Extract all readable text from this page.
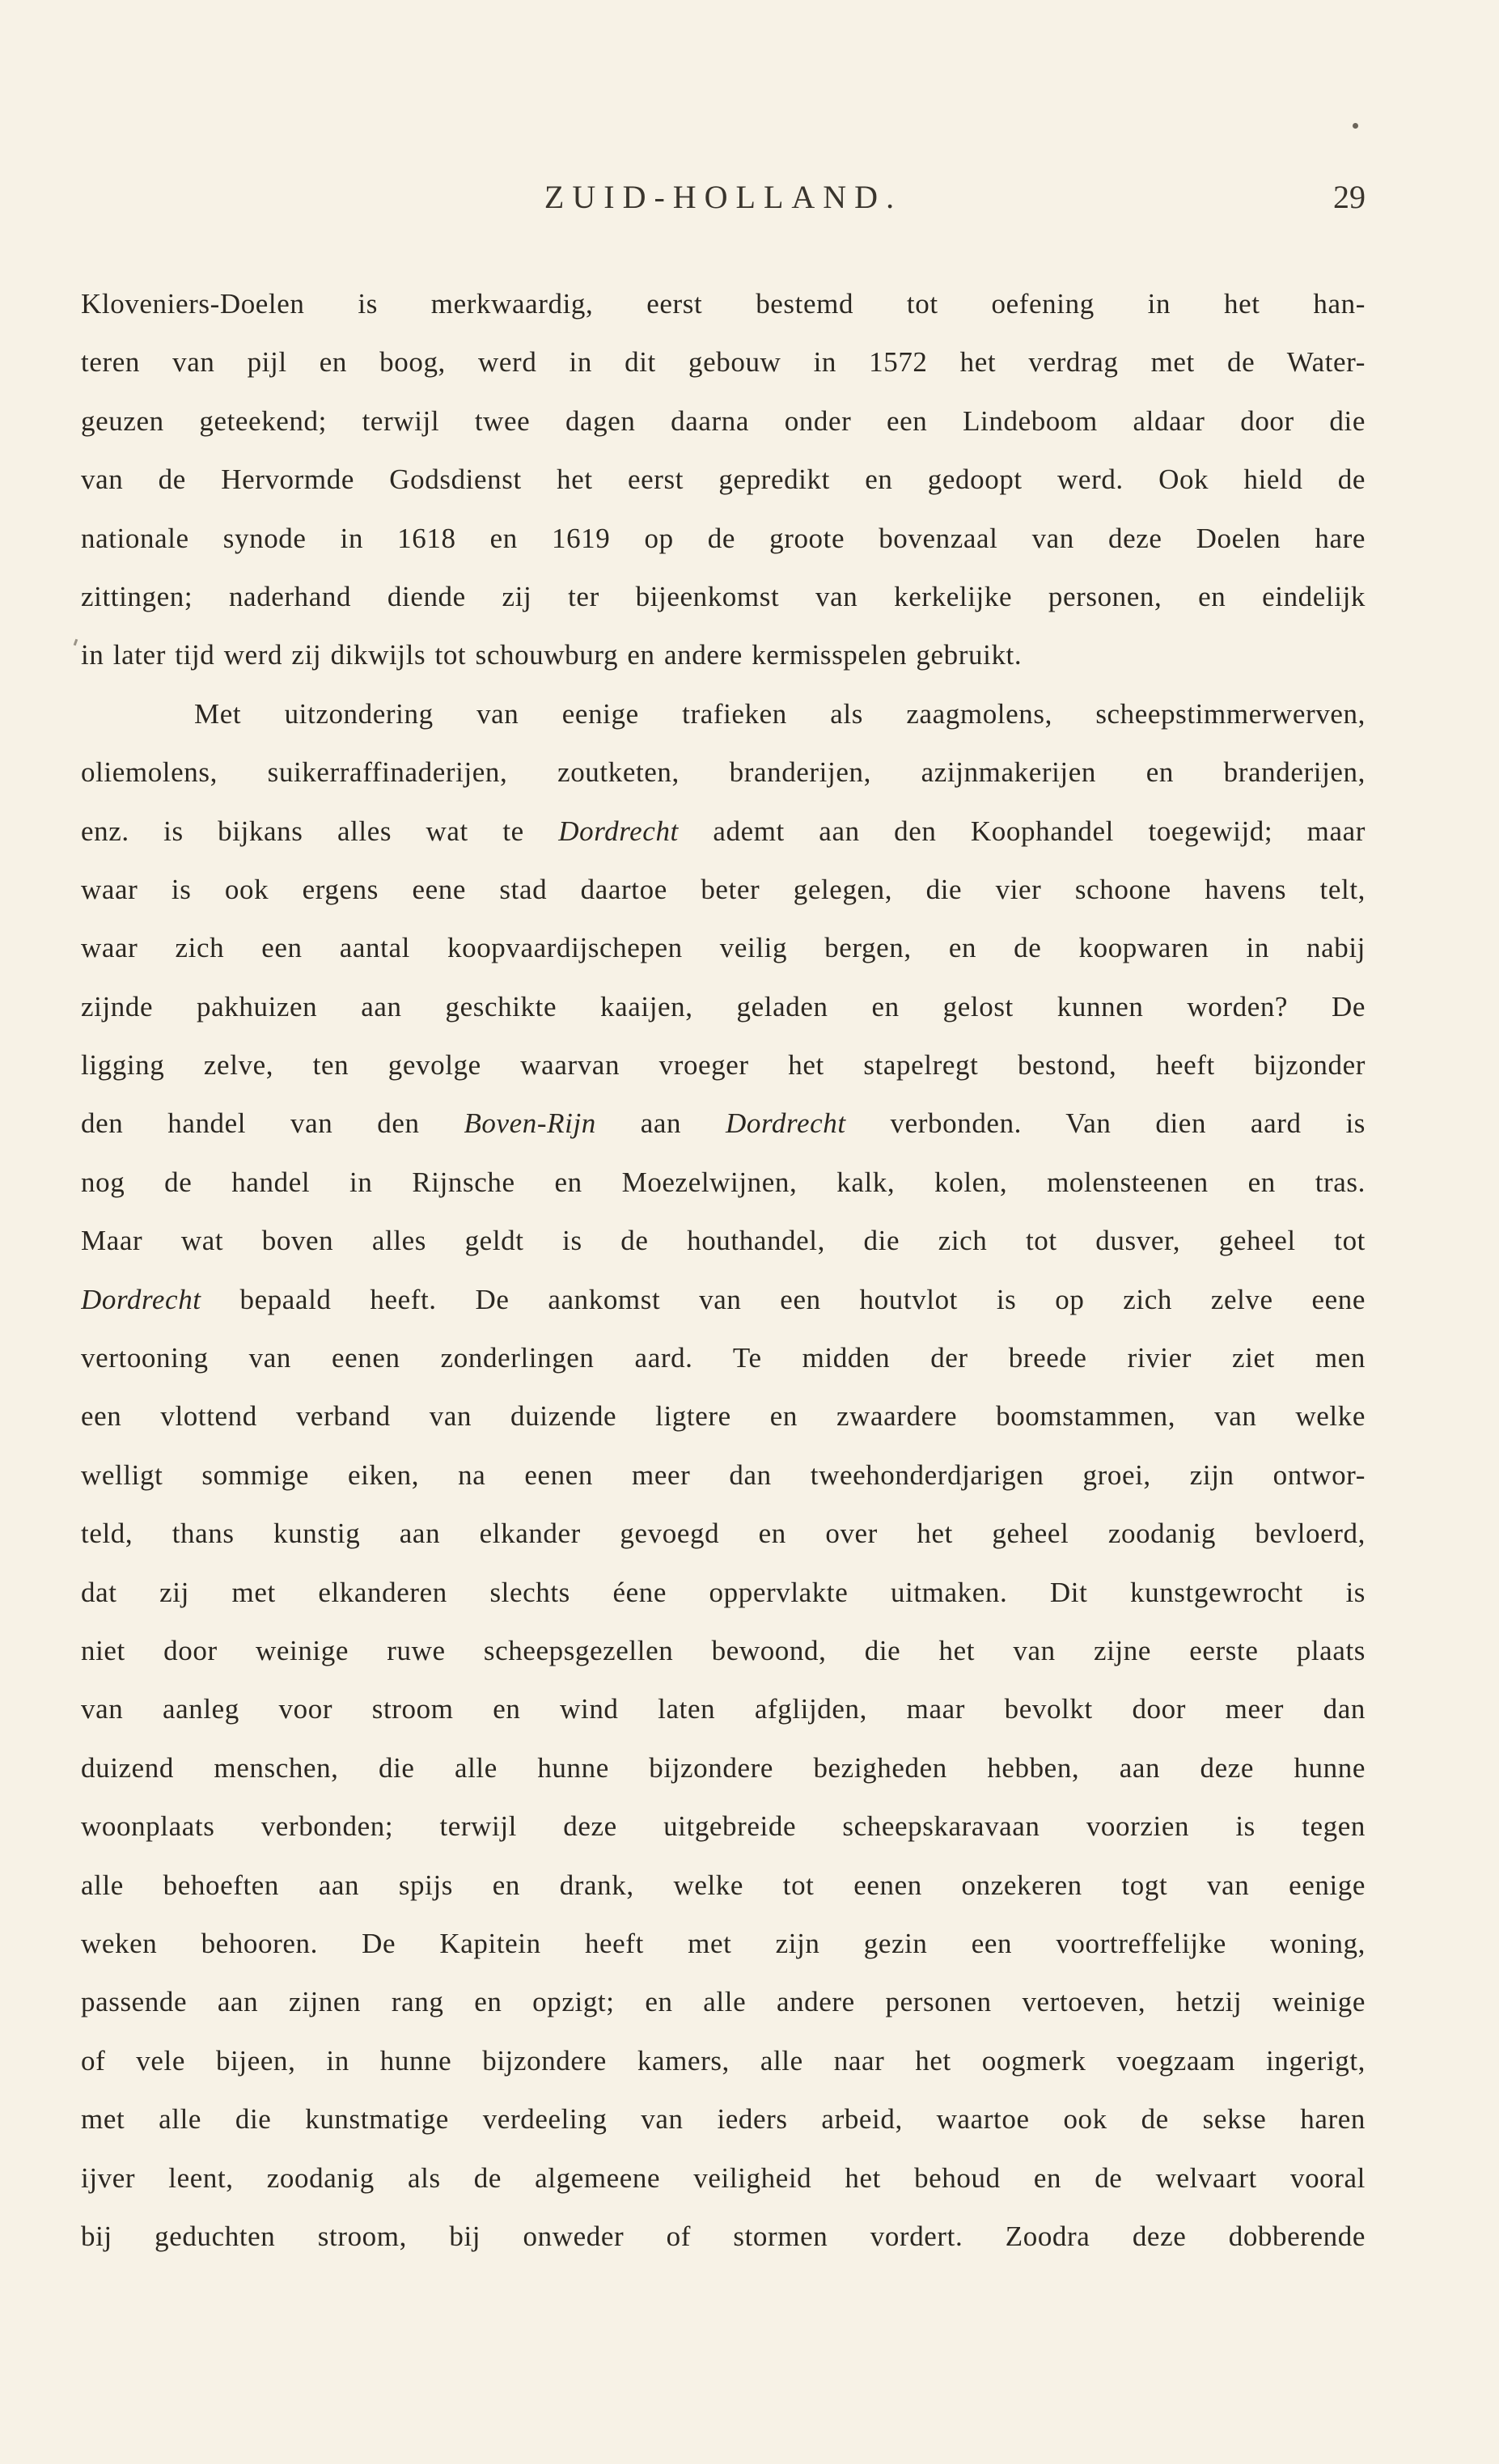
ZUID-HOLLAND.	29
Kloveniers-Doelen is merkwaardig, eerst bestemd tot oefening in het han-
teren van pijl en boog, werd in dit gebouw in 1572 het verdrag met de Water-
geuzen geteekend; terwijl twee dagen daarna onder een Lindeboom aldaar door die
van de Hervormde Godsdienst het eerst gepredikt en gedoopt werd. Ook hield de
nationale synode in 1618 en 1619 op de groote bovenzaal van deze Doelen hare
zittingen; naderhand diende zij ter bijeenkomst van kerkelijke personen, en eindelijk
in later tijd werd zij dikwijls tot schouwburg en andere kermisspelen gebruikt.
Met uitzondering van eenige trafieken als zaagmolens, scheepstimmerwerven,
oliemolens, suikerraffinaderijen, zoutketen, branderijen, azijnmakerijen en branderijen,
enz. is bijkans alles wat te Dordrecht ademt aan den Koophandel toegewijd; maar
waar is ook ergens eene stad daartoe beter gelegen, die vier schoone havens telt,
waar zich een aantal koopvaardijschepen veilig bergen, en de koopwaren in nabij
zijnde pakhuizen aan geschikte kaaijen, geladen en gelost kunnen worden? De
ligging zelve, ten gevolge waarvan vroeger het stapelregt bestond, heeft bijzonder
den handel van den Boven-Rijn aan Dordrecht verbonden. Van dien aard is
nog de handel in Rijnsche en Moezelwijnen, kalk, kolen, molensteenen en tras.
Maar wat boven alles geldt is de houthandel, die zich tot dusver, geheel tot
Dordrecht bepaald heeft. De aankomst van een houtvlot is op zich zelve eene
vertooning van eenen zonderlingen aard. Te midden der breede rivier ziet men
een vlottend verband van duizende ligtere en zwaardere boomstammen, van welke
welligt sommige eiken, na eenen meer dan tweehonderdjarigen groei, zijn ontwor-
teld, thans kunstig aan elkander gevoegd en over het geheel zoodanig bevloerd,
dat zij met elkanderen slechts éene oppervlakte uitmaken. Dit kunstgewrocht is
niet door weinige ruwe scheepsgezellen bewoond, die het van zijne eerste plaats
van aanleg voor stroom en wind laten afglijden, maar bevolkt door meer dan
duizend menschen, die alle hunne bijzondere bezigheden hebben, aan deze hunne
woonplaats verbonden; terwijl deze uitgebreide scheepskaravaan voorzien is tegen
alle behoeften aan spijs en drank, welke tot eenen onzekeren togt van eenige
weken behooren. De Kapitein heeft met zijn gezin een voortreffelijke woning,
passende aan zijnen rang en opzigt; en alle andere personen vertoeven, hetzij weinige
of vele bijeen, in hunne bijzondere kamers, alle naar het oogmerk voegzaam ingerigt,
met alle die kunstmatige verdeeling van ieders arbeid, waartoe ook de sekse haren
ijver leent, zoodanig als de algemeene veiligheid het behoud en de welvaart vooral
bij geduchten stroom, bij onweder of stormen vordert. Zoodra deze dobberende
